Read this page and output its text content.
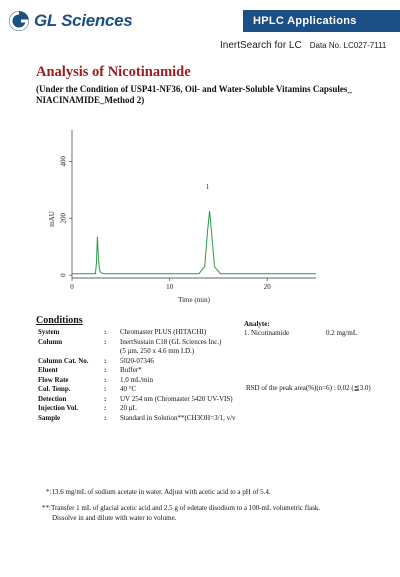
GL Sciences	HPLC Applications
InertSearch for LC Data No. LC027-7111
Analysis of Nicotinamide
(Under the Condition of USP41-NF36, Oil- and Water-Soluble Vitamins Capsules_ NIACINAMIDE_Method 2)
0	10	20
0
200
400
1
Time (min)
mAU
Conditions
System	:	Chromaster PLUS (HITACHI)
Column	:	InertSustain C18 (GL Sciences Inc.)
(5 μm, 250 x 4.6 mm I.D.)
Column Cat. No.	:	5020-07346
Eluent	:	Buffer*
Flow Rate	:	1.0 mL/min
Col. Temp.	:	40 °C
Detection	:	UV 254 nm (Chromaster 5420 UV-VIS)
Injection Vol.	:	20 μL
Sample	:	Standard in Solution**(CH3OH=3/1, v/v
Analyte:
1. Nicotinamide	0.2 mg/mL
RSD of the peak area(%)(n=6) : 0.02 (≦3.0)
*:13.6 mg/mL of sodium acetate in water. Adjust with acetic acid to a pH of 5.4.
**:Transfer 1 mL of glacial acetic acid and 2.5 g of edetate disodium to a 100-mL volumetric flask.
Dissolve in and dilute with water to volume.
